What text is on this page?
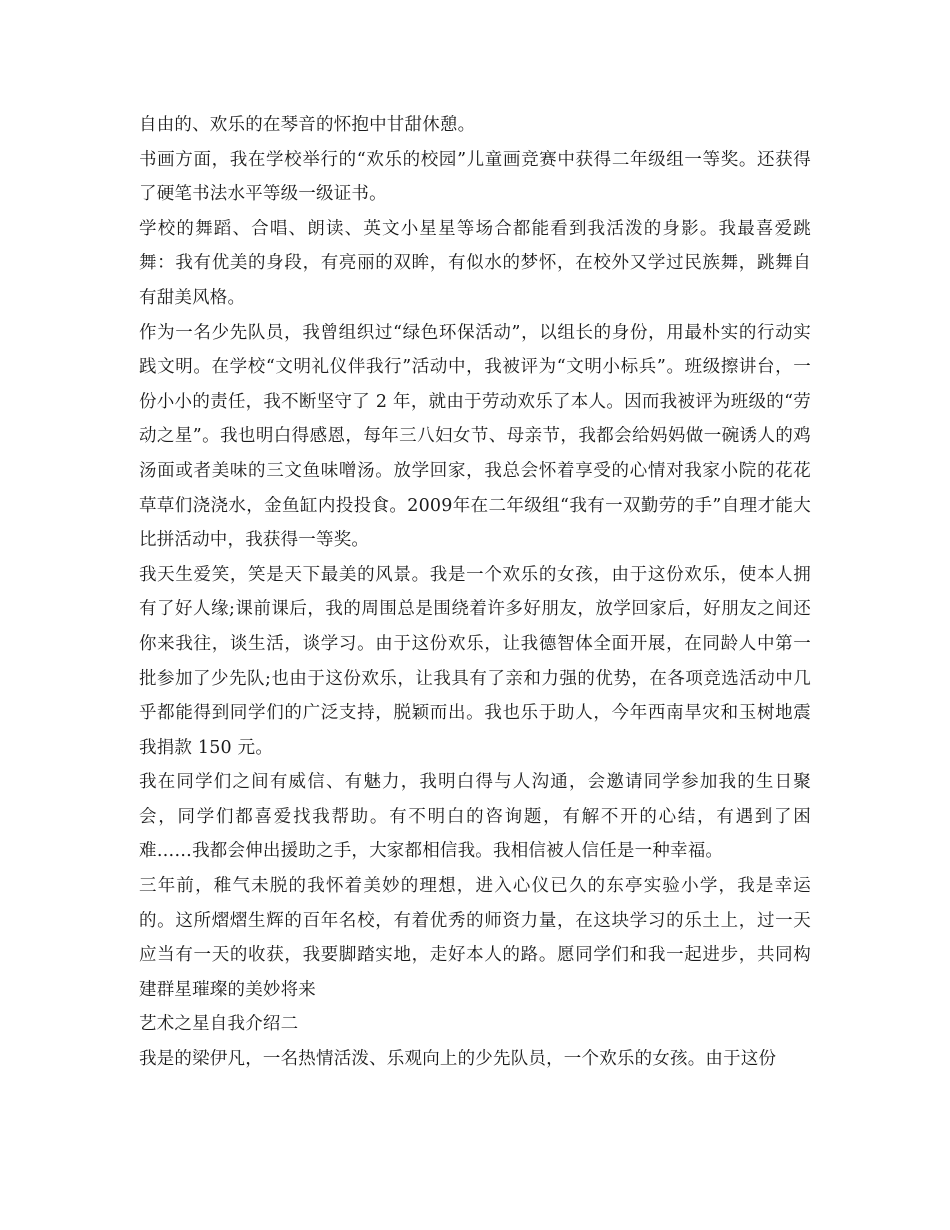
自由的、欢乐的在琴音的怀抱中甘甜休憩。

书画方面，我在学校举行的“欢乐的校园”儿童画竞赛中获得二年级组一等奖。还获得了硬笔书法水平等级一级证书。

学校的舞蹈、合唱、朗读、英文小星星等场合都能看到我活泼的身影。我最喜爱跳舞：我有优美的身段，有亮丽的双眸，有似水的梦怀，在校外又学过民族舞，跳舞自有甜美风格。

作为一名少先队员，我曾组织过“绿色环保活动”，以组长的身份，用最朴实的行动实践文明。在学校“文明礼仪伴我行”活动中，我被评为“文明小标兵”。班级擦讲台，一份小小的责任，我不断坚守了 2 年，就由于劳动欢乐了本人。因而我被评为班级的“劳动之星”。我也明白得感恩，每年三八妇女节、母亲节，我都会给妈妈做一碗诱人的鸡汤面或者美味的三文鱼味噌汤。放学回家，我总会怀着享受的心情对我家小院的花花草草们浇浇水，金鱼缸内投投食。2009年在二年级组“我有一双勤劳的手”自理才能大比拼活动中，我获得一等奖。

我天生爱笑，笑是天下最美的风景。我是一个欢乐的女孩，由于这份欢乐，使本人拥有了好人缘;课前课后，我的周围总是围绕着许多好朋友，放学回家后，好朋友之间还你来我往，谈生活，谈学习。由于这份欢乐，让我德智体全面开展，在同龄人中第一批参加了少先队;也由于这份欢乐，让我具有了亲和力强的优势，在各项竞选活动中几乎都能得到同学们的广泛支持，脱颖而出。我也乐于助人，今年西南旱灾和玉树地震我捐款 150 元。

我在同学们之间有威信、有魅力，我明白得与人沟通，会邀请同学参加我的生日聚会，同学们都喜爱找我帮助。有不明白的咨询题，有解不开的心结，有遇到了困难……我都会伸出援助之手，大家都相信我。我相信被人信任是一种幸福。

三年前，稚气未脱的我怀着美妙的理想，进入心仪已久的东亭实验小学，我是幸运的。这所熠熠生辉的百年名校，有着优秀的师资力量，在这块学习的乐土上，过一天应当有一天的收获，我要脚踏实地，走好本人的路。愿同学们和我一起进步，共同构建群星璀璨的美妙将来

艺术之星自我介绍二

我是的梁伊凡，一名热情活泼、乐观向上的少先队员，一个欢乐的女孩。由于这份
